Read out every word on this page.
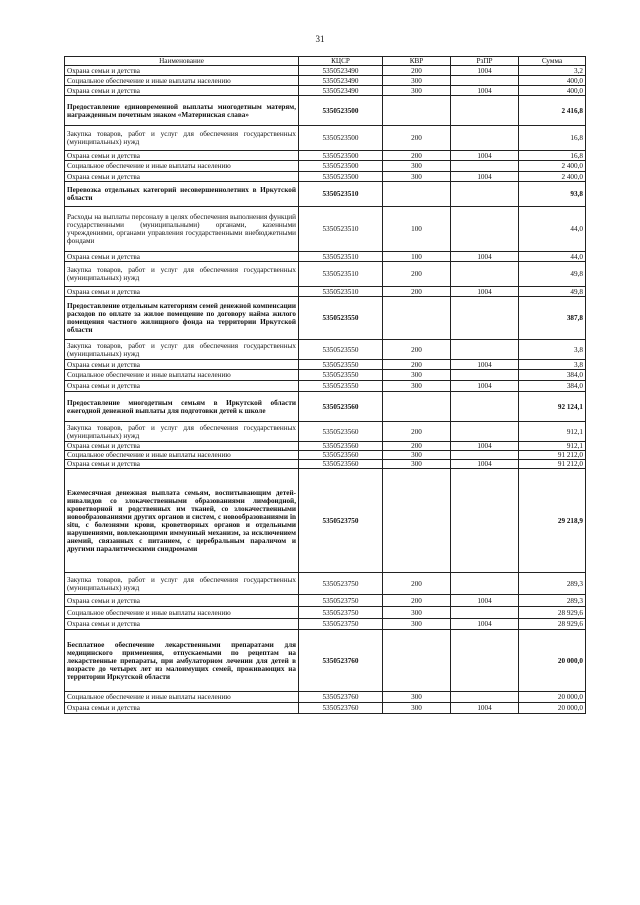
31
Наименование	КЦСР	КВР	РзПР	Сумма
Охрана семьи и детства	5350523490	200	1004	3,2
Социальное обеспечение и иные выплаты населению	5350523490	300		400,0
Охрана семьи и детства	5350523490	300	1004	400,0
Предоставление единовременной выплаты многодетным матерям, награжденным почетным знаком «Материнская слава»	5350523500			2 416,8
Закупка товаров, работ и услуг для обеспечения государственных (муниципальных) нужд	5350523500	200		16,8
Охрана семьи и детства	5350523500	200	1004	16,8
Социальное обеспечение и иные выплаты населению	5350523500	300		2 400,0
Охрана семьи и детства	5350523500	300	1004	2 400,0
Перевозка отдельных категорий несовершеннолетних в Иркутской области	5350523510			93,8
Расходы на выплаты персоналу в целях обеспечения выполнения функций государственными (муниципальными) органами, казенными учреждениями, органами управления государственными внебюджетными фондами	5350523510	100		44,0
Охрана семьи и детства	5350523510	100	1004	44,0
Закупка товаров, работ и услуг для обеспечения государственных (муниципальных) нужд	5350523510	200		49,8
Охрана семьи и детства	5350523510	200	1004	49,8
Предоставление отдельным категориям семей денежной компенсации расходов по оплате за жилое помещение по договору найма жилого помещения частного жилищного фонда на территории Иркутской области	5350523550			387,8
Закупка товаров, работ и услуг для обеспечения государственных (муниципальных) нужд	5350523550	200		3,8
Охрана семьи и детства	5350523550	200	1004	3,8
Социальное обеспечение и иные выплаты населению	5350523550	300		384,0
Охрана семьи и детства	5350523550	300	1004	384,0
Предоставление многодетным семьям в Иркутской области ежегодной денежной выплаты для подготовки детей к школе	5350523560			92 124,1
Закупка товаров, работ и услуг для обеспечения государственных (муниципальных) нужд	5350523560	200		912,1
Охрана семьи и детства	5350523560	200	1004	912,1
Социальное обеспечение и иные выплаты населению	5350523560	300		91 212,0
Охрана семьи и детства	5350523560	300	1004	91 212,0
Ежемесячная денежная выплата семьям, воспитывающим детей-инвалидов со злокачественными образованиями лимфоидной, кроветворной и родственных им тканей, со злокачественными новообразованиями других органов и систем, с новообразованиями in situ, с болезнями крови, кроветворных органов и отдельными нарушениями, вовлекающими иммунный механизм, за исключением анемий, связанных с питанием, с церебральным параличом и другими паралитическими синдромами	5350523750			29 218,9
Закупка товаров, работ и услуг для обеспечения государственных (муниципальных) нужд	5350523750	200		289,3
Охрана семьи и детства	5350523750	200	1004	289,3
Социальное обеспечение и иные выплаты населению	5350523750	300		28 929,6
Охрана семьи и детства	5350523750	300	1004	28 929,6
Бесплатное обеспечение лекарственными препаратами для медицинского применения, отпускаемыми по рецептам на лекарственные препараты, при амбулаторном лечении для детей в возрасте до четырех лет из малоимущих семей, проживающих на территории Иркутской области	5350523760			20 000,0
Социальное обеспечение и иные выплаты населению	5350523760	300		20 000,0
Охрана семьи и детства	5350523760	300	1004	20 000,0
